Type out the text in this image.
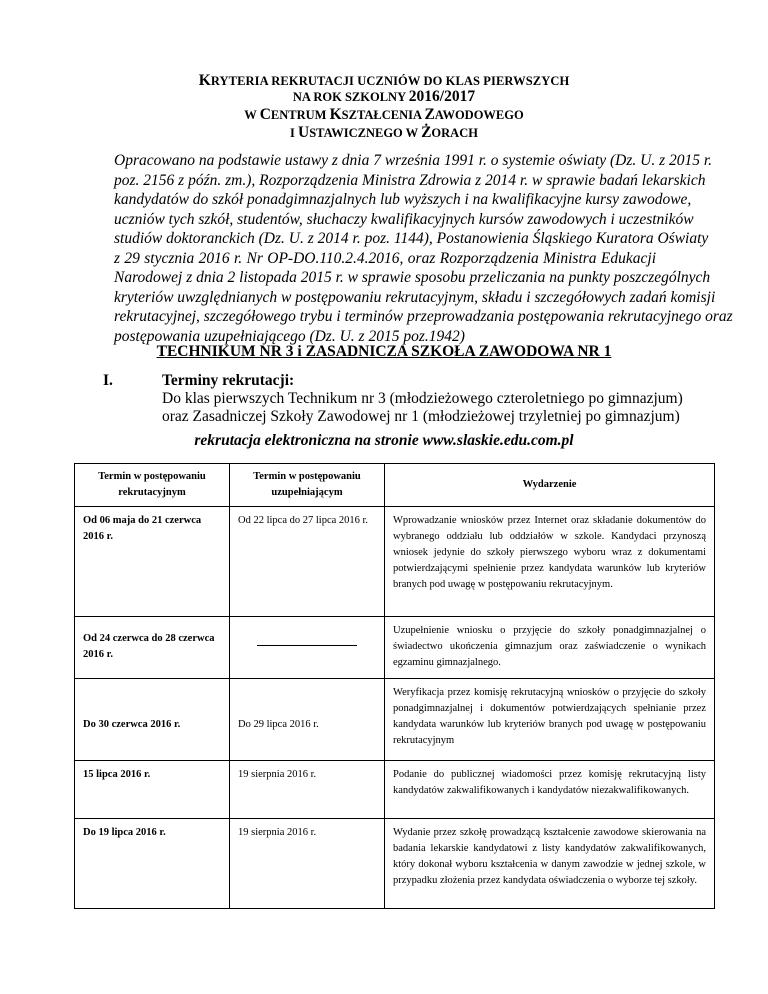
KRYTERIA REKRUTACJI UCZNIÓW DO KLAS PIERWSZYCH
NA ROK SZKOLNY 2016/2017
W CENTRUM KSZTAŁCENIA ZAWODOWEGO
I USTAWICZNEGO W ŻORACH
Opracowano na podstawie ustawy z dnia 7 września 1991 r. o systemie oświaty (Dz. U. z 2015 r.
poz. 2156 z późn. zm.), Rozporządzenia Ministra Zdrowia z 2014 r. w sprawie badań lekarskich
kandydatów do szkół ponadgimnazjalnych lub wyższych i na kwalifikacyjne kursy zawodowe,
uczniów tych szkół, studentów, słuchaczy kwalifikacyjnych kursów zawodowych i uczestników
studiów doktoranckich (Dz. U. z 2014 r. poz. 1144), Postanowienia Śląskiego Kuratora Oświaty
z 29 stycznia 2016 r. Nr OP-DO.110.2.4.2016, oraz Rozporządzenia Ministra Edukacji
Narodowej z dnia 2 listopada 2015 r. w sprawie sposobu przeliczania na punkty poszczególnych
kryteriów uwzględnianych w postępowaniu rekrutacyjnym, składu i szczegółowych zadań komisji
rekrutacyjnej, szczegółowego trybu i terminów przeprowadzania postępowania rekrutacyjnego oraz
postępowania uzupełniającego (Dz. U. z 2015 poz.1942)
TECHNIKUM NR 3 i ZASADNICZA SZKOŁA ZAWODOWA NR 1
I.	Terminy rekrutacji:
Do klas pierwszych Technikum nr 3 (młodzieżowego czteroletniego po gimnazjum)
oraz Zasadniczej Szkoły Zawodowej nr 1 (młodzieżowej trzyletniej po gimnazjum)
rekrutacja elektroniczna na stronie www.slaskie.edu.com.pl
Termin w postępowaniu rekrutacyjnym	Termin w postępowaniu uzupełniającym	Wydarzenie
Od 06 maja do 21 czerwca 2016 r.	Od 22 lipca do 27 lipca 2016 r.	Wprowadzanie wniosków przez Internet oraz składanie dokumentów do wybranego oddziału lub oddziałów w szkole. Kandydaci przynoszą wniosek jedynie do szkoły pierwszego wyboru wraz z dokumentami potwierdzającymi spełnienie przez kandydata warunków lub kryteriów branych pod uwagę w postępowaniu rekrutacyjnym.
Od 24 czerwca do 28 czerwca 2016 r.		Uzupełnienie wniosku o przyjęcie do szkoły ponadgimnazjalnej o świadectwo ukończenia gimnazjum oraz zaświadczenie o wynikach egzaminu gimnazjalnego.
Do 30 czerwca 2016 r.	Do 29 lipca 2016 r.	Weryfikacja przez komisję rekrutacyjną wniosków o przyjęcie do szkoły ponadgimnazjalnej i dokumentów potwierdzających spełnianie przez kandydata warunków lub kryteriów branych pod uwagę w postępowaniu rekrutacyjnym
15 lipca 2016 r.	19 sierpnia 2016 r.	Podanie do publicznej wiadomości przez komisję rekrutacyjną listy kandydatów zakwalifikowanych i kandydatów niezakwalifikowanych.
Do 19 lipca 2016 r.	19 sierpnia 2016 r.	Wydanie przez szkołę prowadzącą kształcenie zawodowe skierowania na badania lekarskie kandydatowi z listy kandydatów zakwalifikowanych, który dokonał wyboru kształcenia w danym zawodzie w jednej szkole, w przypadku złożenia przez kandydata oświadczenia o wyborze tej szkoły.
